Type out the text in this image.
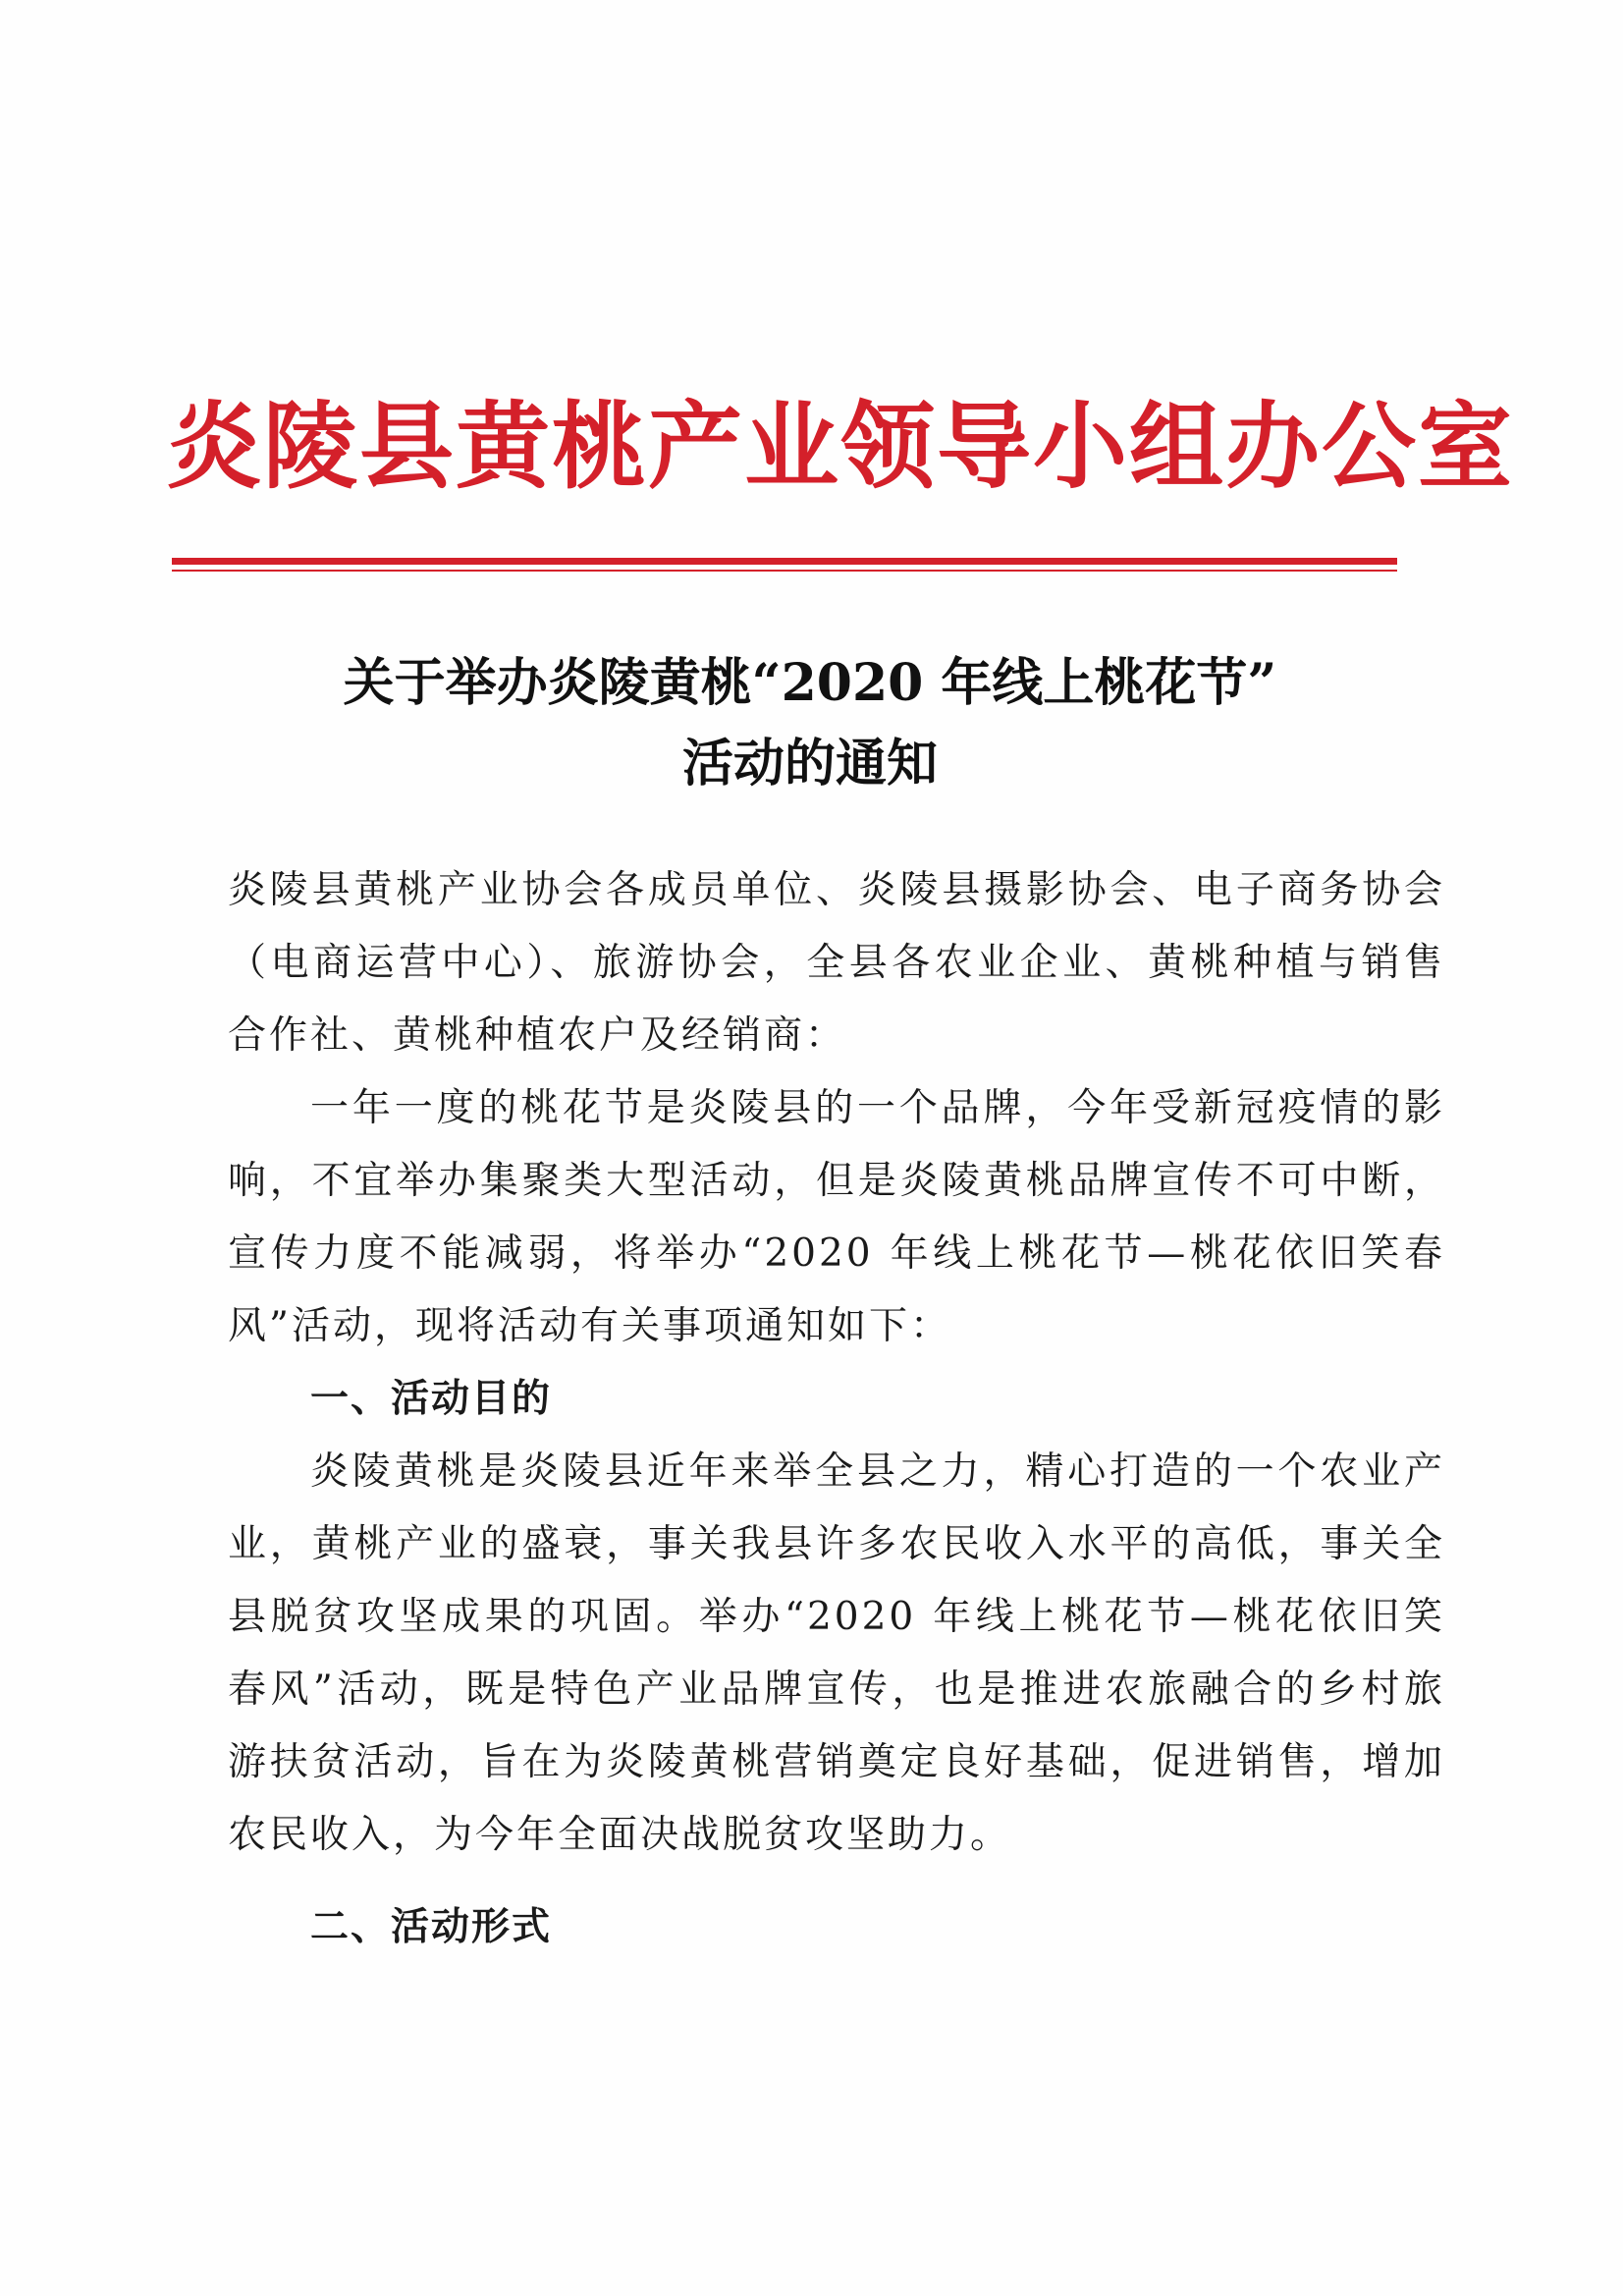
炎陵县黄桃产业领导小组办公室
关于举办炎陵黄桃“2020 年线上桃花节”
活动的通知

炎陵县黄桃产业协会各成员单位、炎陵县摄影协会、电子商务协会（电商运营中心）、旅游协会，全县各农业企业、黄桃种植与销售合作社、黄桃种植农户及经销商：

一年一度的桃花节是炎陵县的一个品牌，今年受新冠疫情的影响，不宜举办集聚类大型活动，但是炎陵黄桃品牌宣传不可中断，宣传力度不能减弱，将举办“2020 年线上桃花节—桃花依旧笑春风”活动，现将活动有关事项通知如下：

一、活动目的

炎陵黄桃是炎陵县近年来举全县之力，精心打造的一个农业产业，黄桃产业的盛衰，事关我县许多农民收入水平的高低，事关全县脱贫攻坚成果的巩固。举办“2020 年线上桃花节—桃花依旧笑春风”活动，既是特色产业品牌宣传，也是推进农旅融合的乡村旅游扶贫活动，旨在为炎陵黄桃营销奠定良好基础，促进销售，增加农民收入，为今年全面决战脱贫攻坚助力。

二、活动形式
